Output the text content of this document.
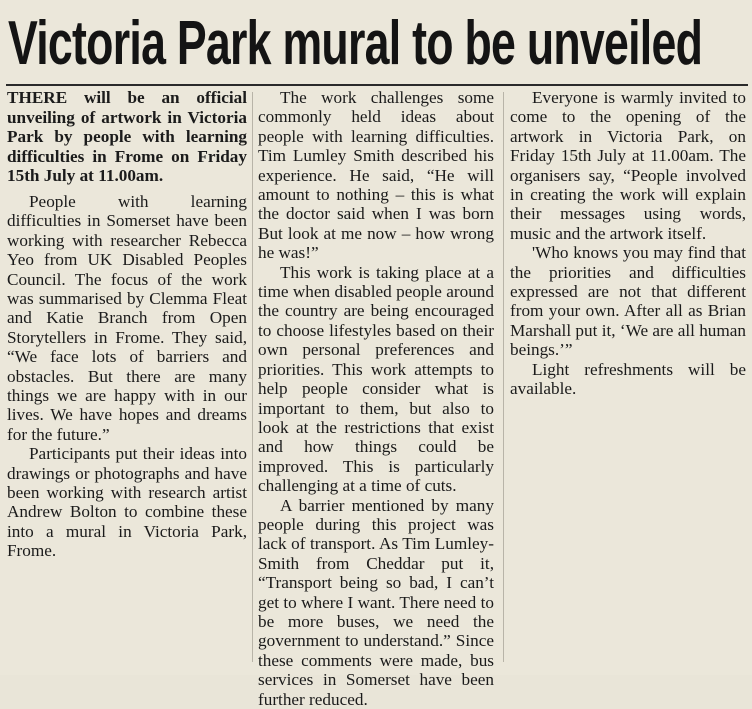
Victoria Park mural to be unveiled

THERE will be an official unveiling of artwork in Victoria Park by people with learning difficulties in Frome on Friday 15th July at 11.00am.

People with learning difficulties in Somerset have been working with researcher Rebecca Yeo from UK Disabled Peoples Council. The focus of the work was summarised by Clemma Fleat and Katie Branch from Open Storytellers in Frome. They said, “We face lots of barriers and obstacles. But there are many things we are happy with in our lives. We have hopes and dreams for the future.”

Participants put their ideas into drawings or photographs and have been working with research artist Andrew Bolton to combine these into a mural in Victoria Park, Frome.

The work challenges some commonly held ideas about people with learning difficulties. Tim Lumley Smith described his experience. He said, “He will amount to nothing – this is what the doctor said when I was born But look at me now – how wrong he was!”

This work is taking place at a time when disabled people around the country are being encouraged to choose lifestyles based on their own personal preferences and priorities. This work attempts to help people consider what is important to them, but also to look at the restrictions that exist and how things could be improved. This is particularly challenging at a time of cuts.

A barrier mentioned by many people during this project was lack of transport. As Tim Lumley-Smith from Cheddar put it, “Transport being so bad, I can’t get to where I want. There need to be more buses, we need the government to understand.” Since these comments were made, bus services in Somerset have been further reduced.

Everyone is warmly invited to come to the opening of the artwork in Victoria Park, on Friday 15th July at 11.00am. The organisers say, “People involved in creating the work will explain their messages using words, music and the artwork itself.

'Who knows you may find that the priorities and difficulties expressed are not that different from your own. After all as Brian Marshall put it, ‘We are all human beings.’”

Light refreshments will be available.
